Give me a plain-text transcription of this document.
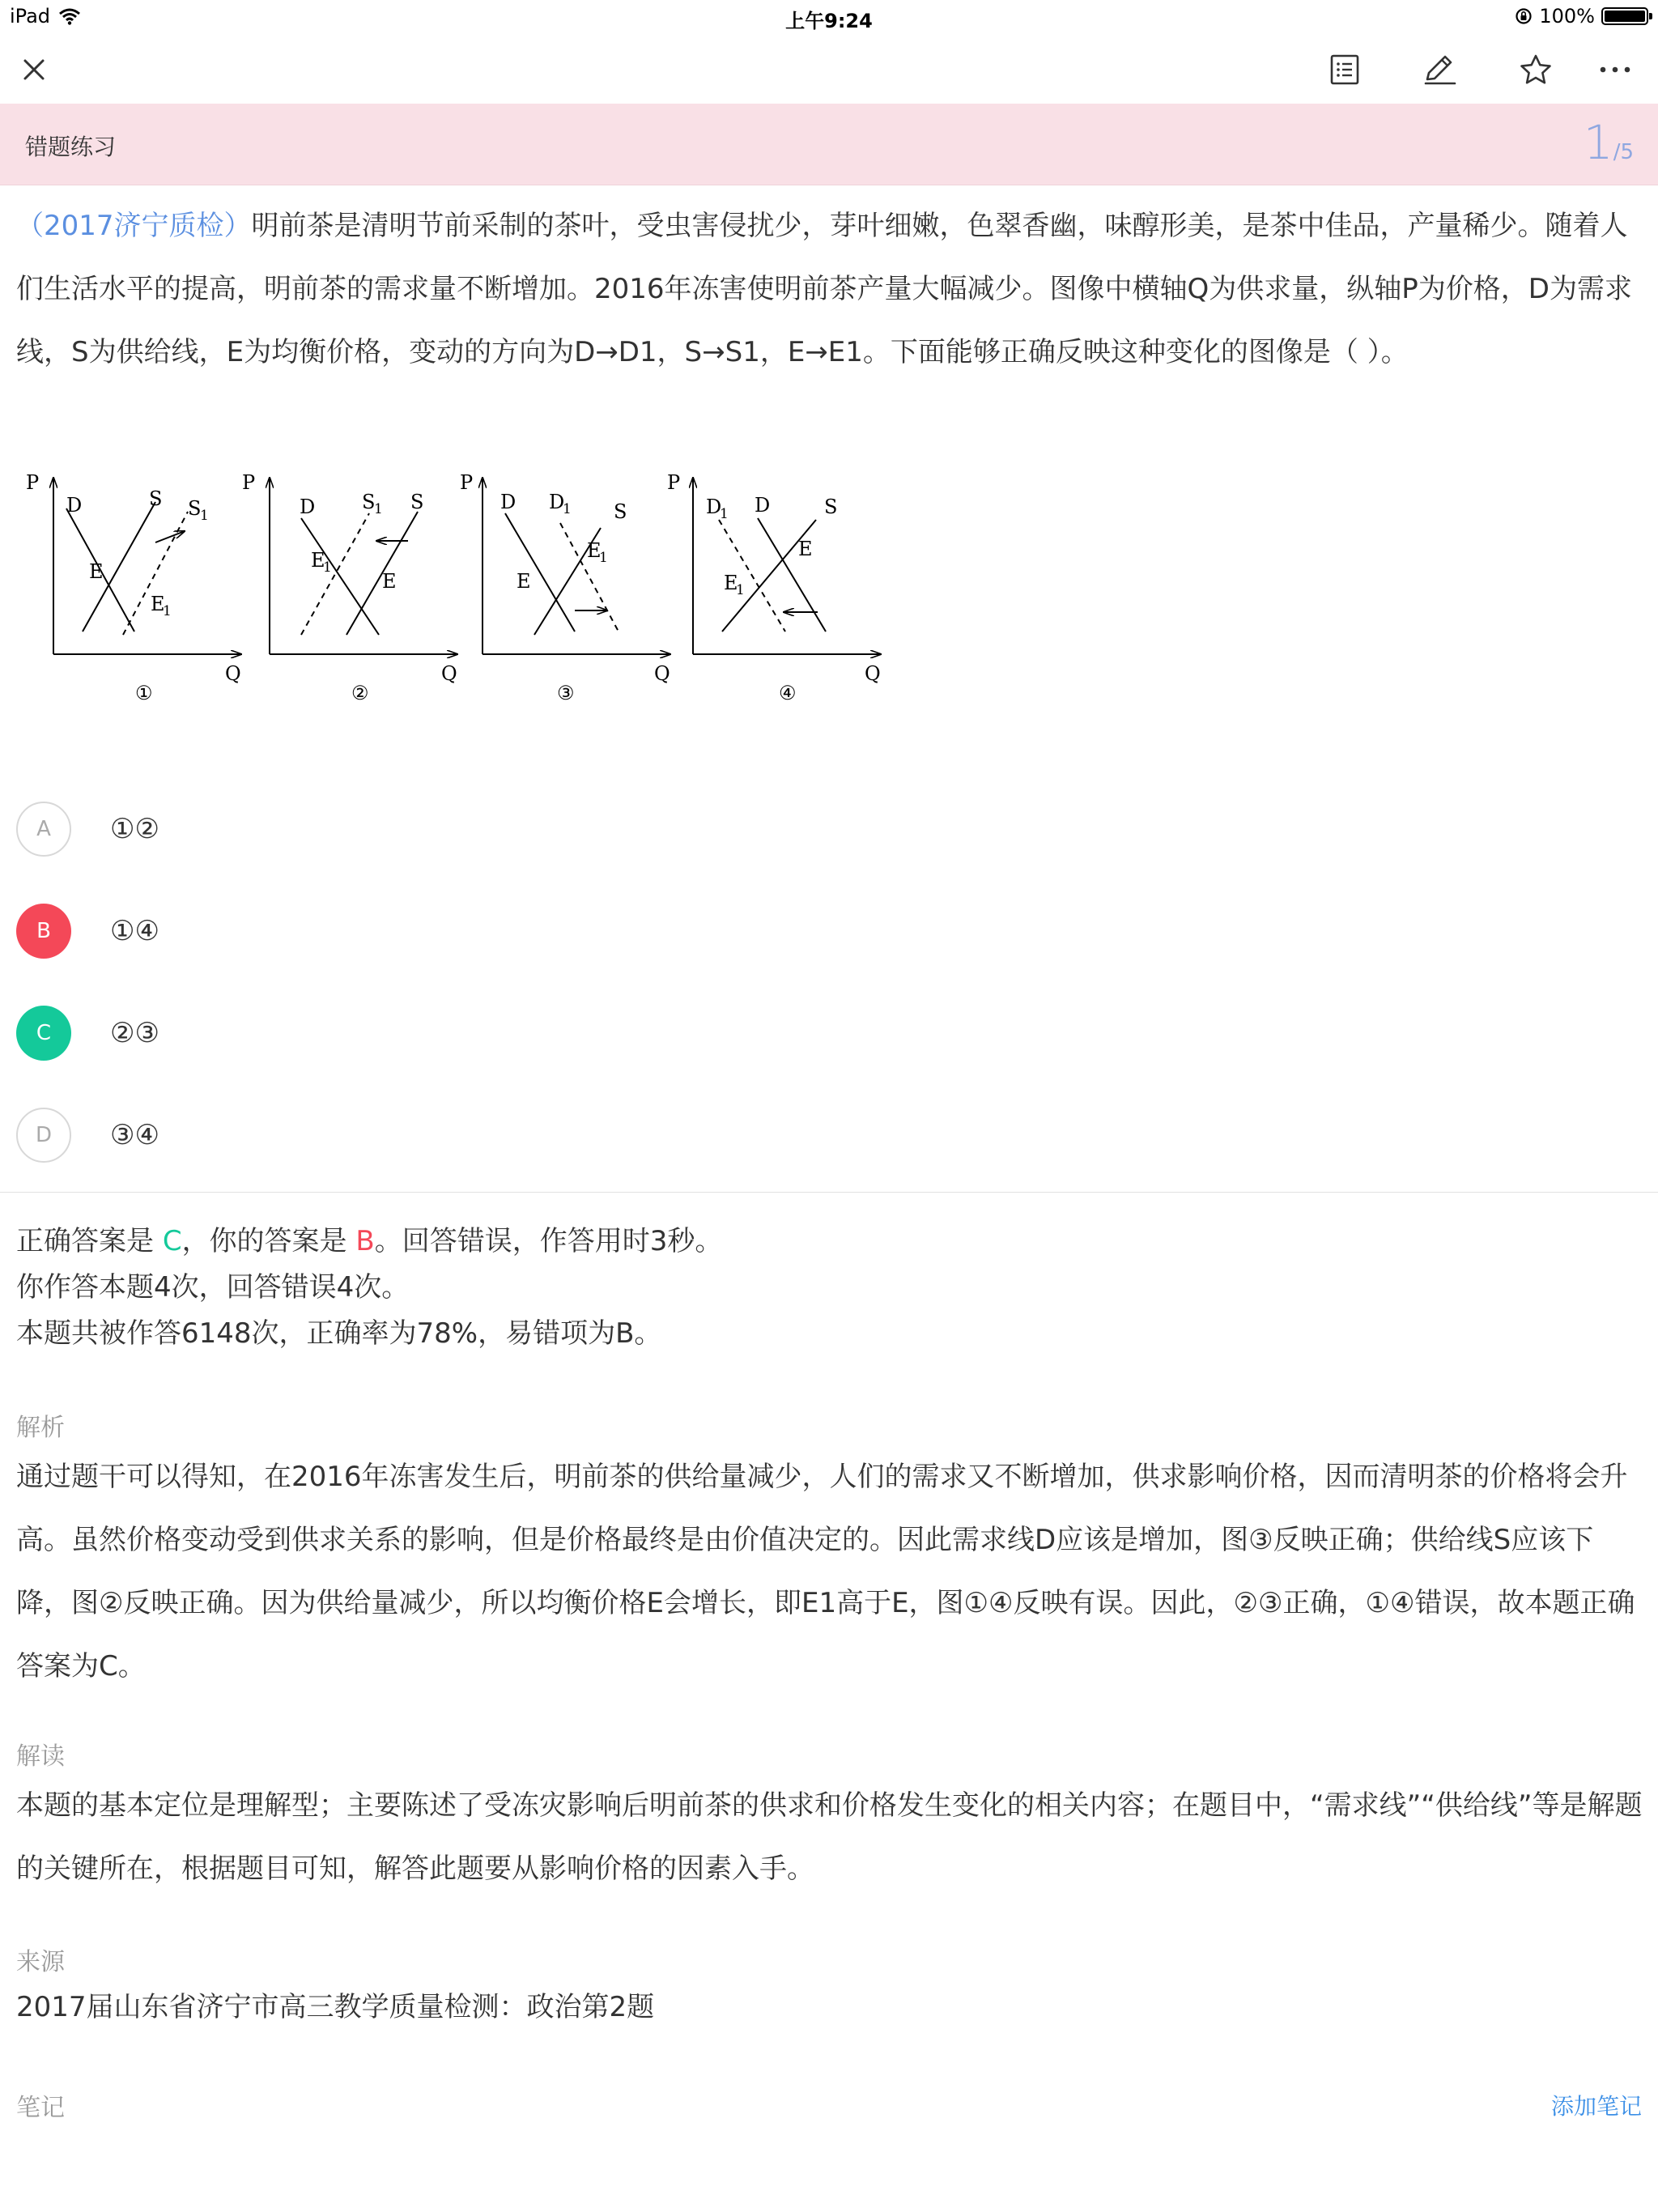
iPad	上午9:24	100%
错题练习	1/5
（2017济宁质检）明前茶是清明节前采制的茶叶，受虫害侵扰少，芽叶细嫩，色翠香幽，味醇形美，是茶中佳品，产量稀少。随着人们生活水平的提高，明前茶的需求量不断增加。2016年冻害使明前茶产量大幅减少。图像中横轴Q为供求量，纵轴P为价格，D为需求线，S为供给线，E为均衡价格，变动的方向为D→D1，S→S1，E→E1。下面能够正确反映这种变化的图像是（ ）。
P
Q
D	S S
1
E
E
1
①
P
Q
D S
1 S
E
1
E
②
P
Q
D D
1 S
E
1
E
③
P
Q
D
1 D	S
E
E
1
④
A	①②
B	①④
C	②③
D	③④
正确答案是 C，你的答案是 B。回答错误，作答用时3秒。
你作答本题4次，回答错误4次。
本题共被作答6148次，正确率为78%，易错项为B。
解析
通过题干可以得知，在2016年冻害发生后，明前茶的供给量减少，人们的需求又不断增加，供求影响价格，因而清明茶的价格将会升高。虽然价格变动受到供求关系的影响，但是价格最终是由价值决定的。因此需求线D应该是增加，图③反映正确；供给线S应该下降，图②反映正确。因为供给量减少，所以均衡价格E会增长，即E1高于E，图①④反映有误。因此，②③正确，①④错误，故本题正确答案为C。
解读
本题的基本定位是理解型；主要陈述了受冻灾影响后明前茶的供求和价格发生变化的相关内容；在题目中，“需求线”“供给线”等是解题的关键所在，根据题目可知，解答此题要从影响价格的因素入手。
来源
2017届山东省济宁市高三教学质量检测：政治第2题
笔记	添加笔记
